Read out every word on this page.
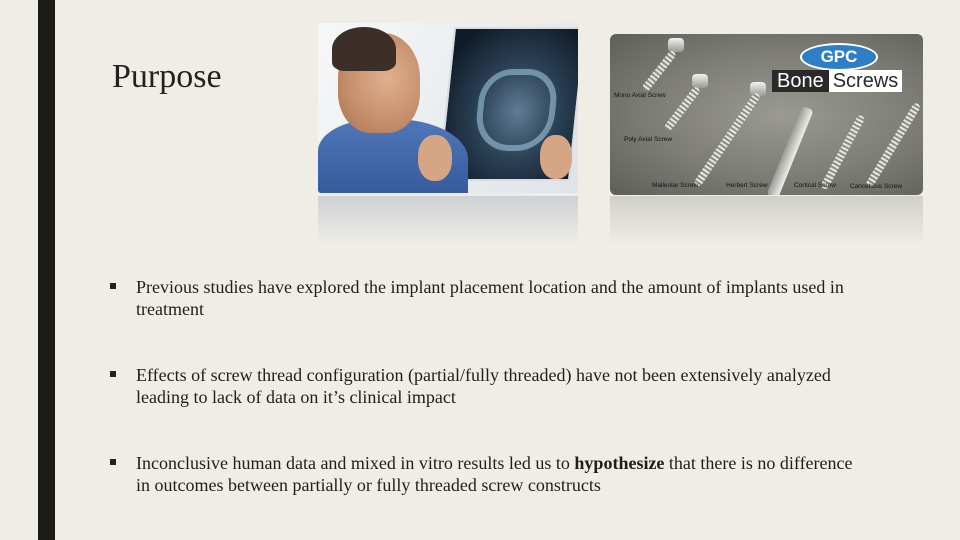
Purpose
GPC
Bone Screws
Mono Axial Screw
Poly Axial Screw
Malleolar Screw	Herbert Screw	Cortical Screw Cancellous Screw
Previous studies have explored the implant placement location and the amount of implants used in treatment
Effects of screw thread configuration (partial/fully threaded) have not been extensively analyzed leading to lack of data on it’s clinical impact
Inconclusive human data and mixed in vitro results led us to hypothesize that there is no difference in outcomes between partially or fully threaded screw constructs
